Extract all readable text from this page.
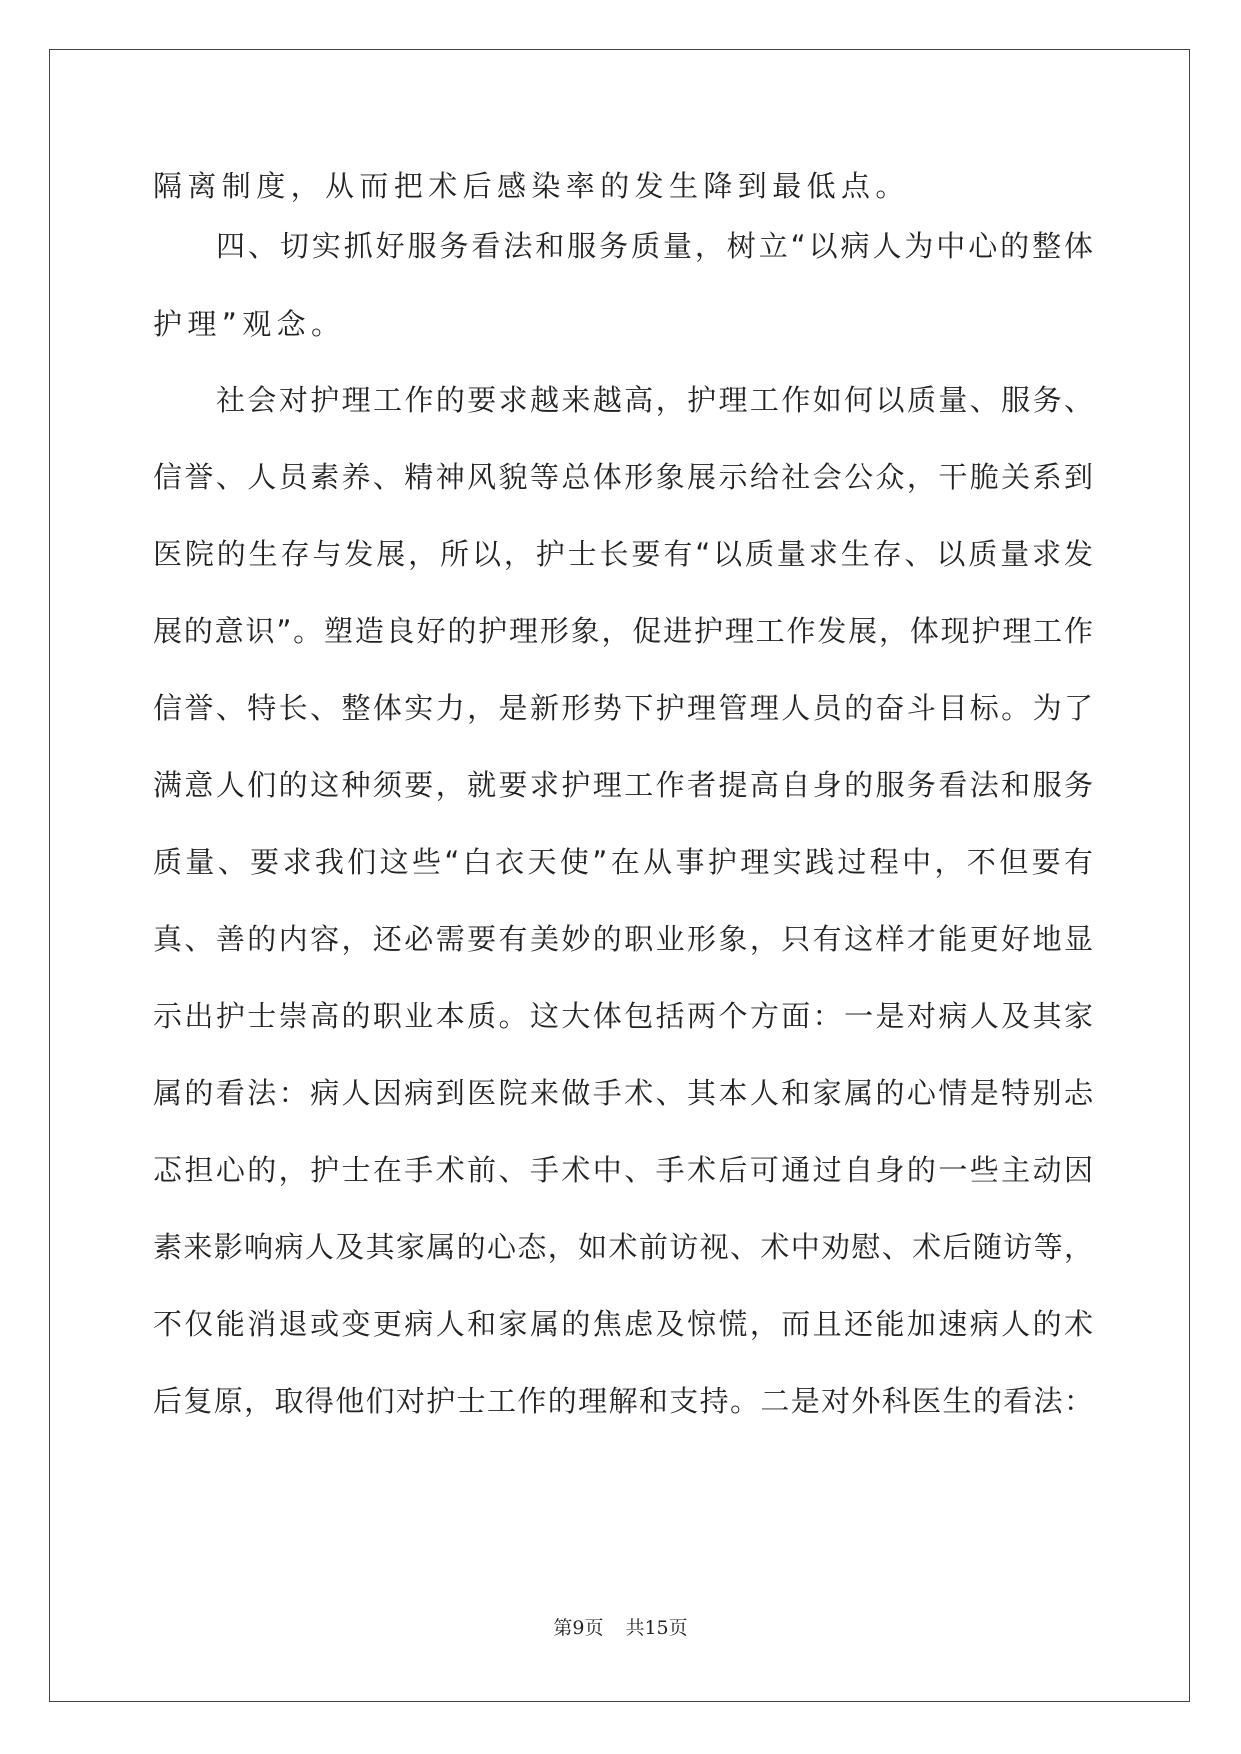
隔离制度，从而把术后感染率的发生降到最低点。
四、切实抓好服务看法和服务质量，树立“以病人为中心的整体
护理”观念。
社会对护理工作的要求越来越高，护理工作如何以质量、服务、
信誉、人员素养、精神风貌等总体形象展示给社会公众，干脆关系到
医院的生存与发展，所以，护士长要有“以质量求生存、以质量求发
展的意识”。塑造良好的护理形象，促进护理工作发展，体现护理工作
信誉、特长、整体实力，是新形势下护理管理人员的奋斗目标。为了
满意人们的这种须要，就要求护理工作者提高自身的服务看法和服务
质量、要求我们这些“白衣天使”在从事护理实践过程中，不但要有
真、善的内容，还必需要有美妙的职业形象，只有这样才能更好地显
示出护士崇高的职业本质。这大体包括两个方面：一是对病人及其家
属的看法：病人因病到医院来做手术、其本人和家属的心情是特别忐
忑担心的，护士在手术前、手术中、手术后可通过自身的一些主动因
素来影响病人及其家属的心态，如术前访视、术中劝慰、术后随访等，
不仅能消退或变更病人和家属的焦虑及惊慌，而且还能加速病人的术
后复原，取得他们对护士工作的理解和支持。二是对外科医生的看法：
第9页 共15页
